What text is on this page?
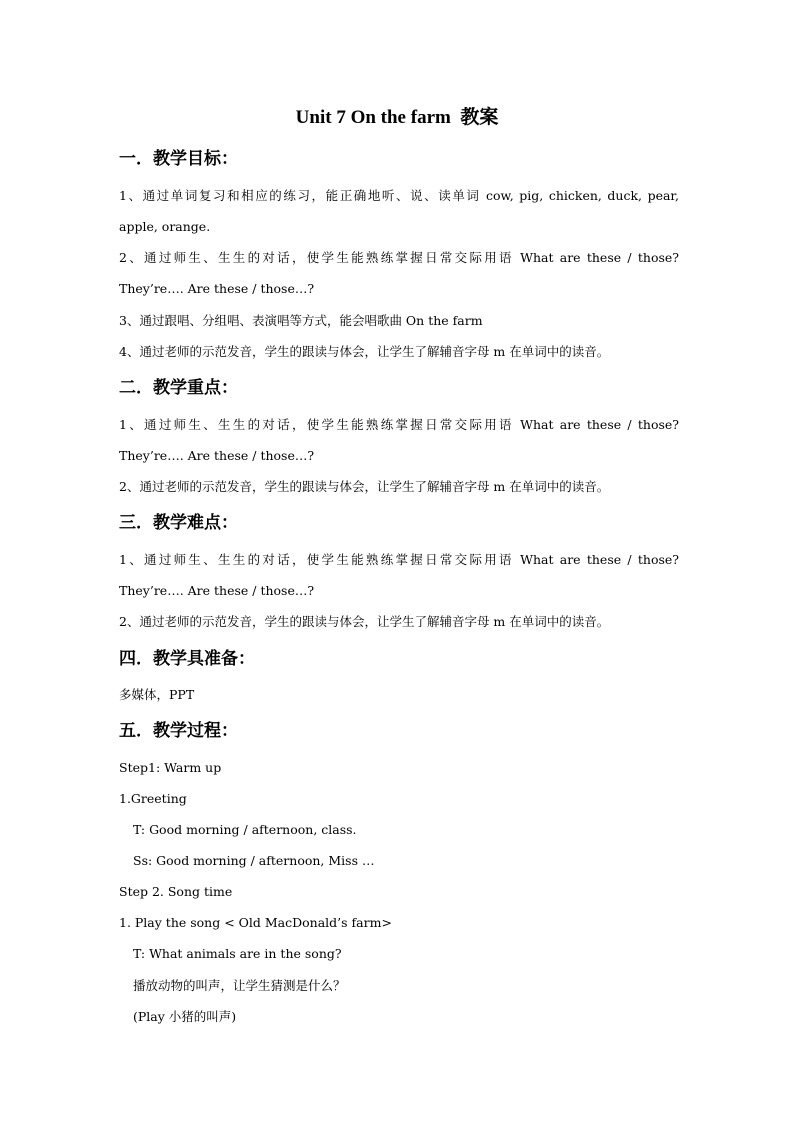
Unit 7 On the farm  教案
一．教学目标：
1、通过单词复习和相应的练习，能正确地听、说、读单词 cow, pig, chicken, duck, pear,
apple, orange.
2、通过师生、生生的对话，使学生能熟练掌握日常交际用语 What are these / those?
They’re…. Are these / those…?
3、通过跟唱、分组唱、表演唱等方式，能会唱歌曲 On the farm
4、通过老师的示范发音，学生的跟读与体会，让学生了解辅音字母 m 在单词中的读音。
二．教学重点：
1、通过师生、生生的对话，使学生能熟练掌握日常交际用语 What are these / those?
They’re…. Are these / those…?
2、通过老师的示范发音，学生的跟读与体会，让学生了解辅音字母 m 在单词中的读音。
三．教学难点：
1、通过师生、生生的对话，使学生能熟练掌握日常交际用语 What are these / those?
They’re…. Are these / those…?
2、通过老师的示范发音，学生的跟读与体会，让学生了解辅音字母 m 在单词中的读音。
四．教学具准备：
多媒体，PPT
五．教学过程：
Step1: Warm up
1.Greeting
T: Good morning / afternoon, class.
Ss: Good morning / afternoon, Miss …
Step 2. Song time
1. Play the song < Old MacDonald’s farm>
T: What animals are in the song?
播放动物的叫声，让学生猜测是什么？
(Play 小猪的叫声)
